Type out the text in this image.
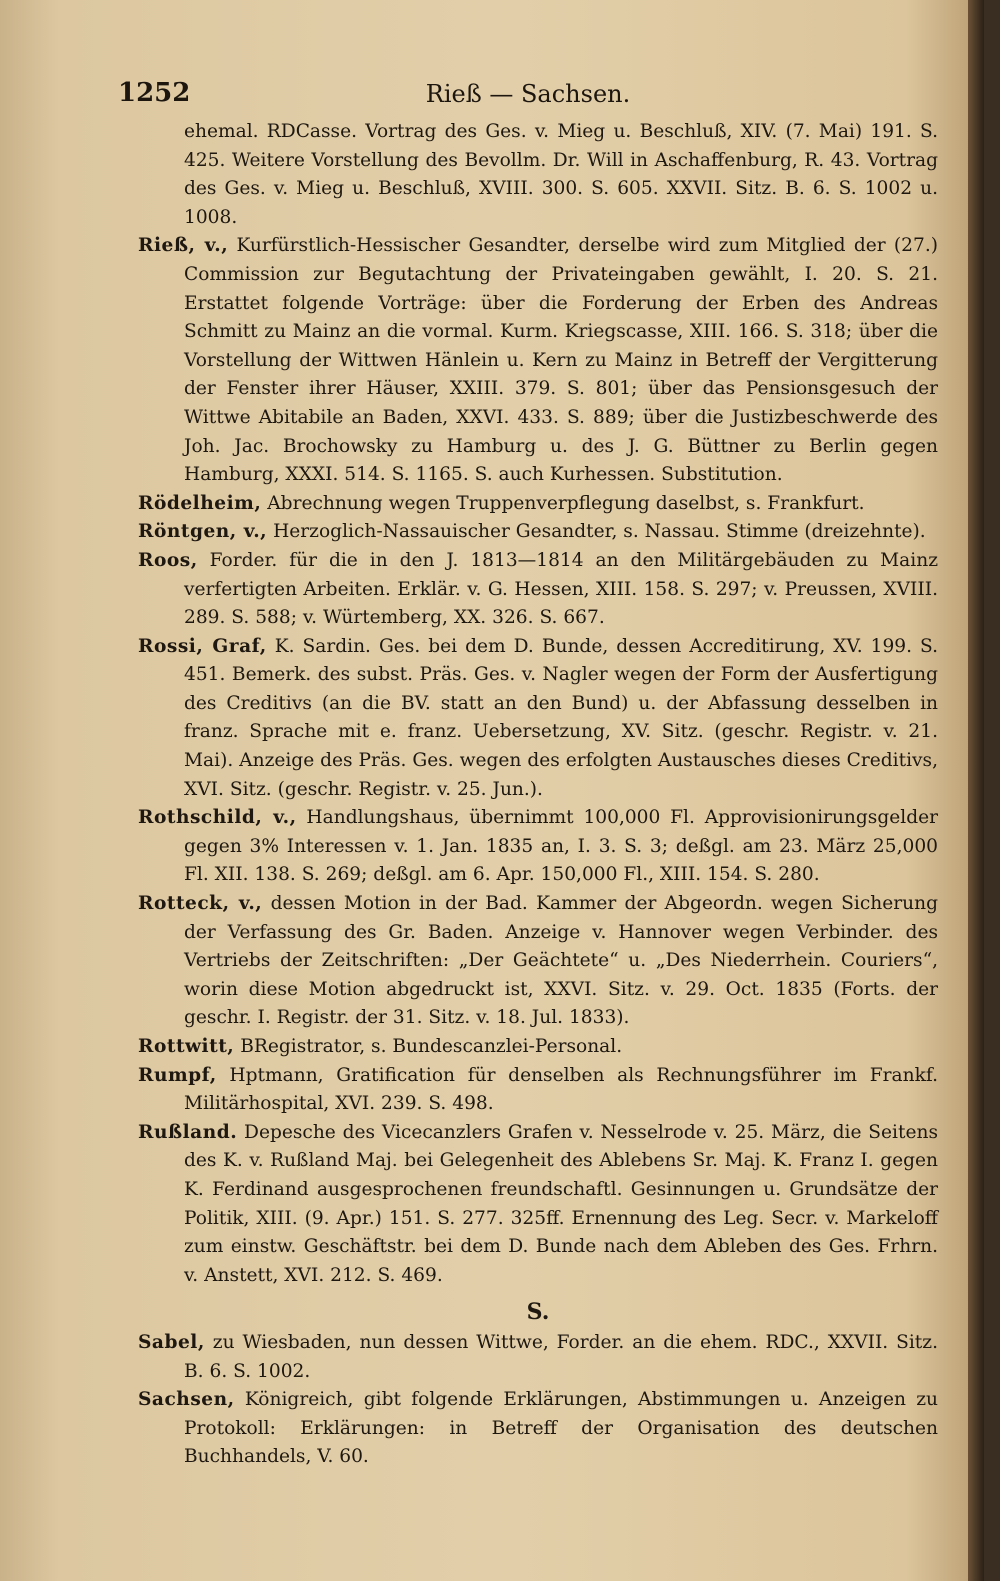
1252	Rieß — Sachsen.

ehemal. RDCasse. Vortrag des Ges. v. Mieg u. Beschluß, XIV. (7. Mai) 191. S. 425. Weitere Vorstellung des Bevollm. Dr. Will in Aschaffenburg, R. 43. Vortrag des Ges. v. Mieg u. Beschluß, XVIII. 300. S. 605. XXVII. Sitz. B. 6. S. 1002 u. 1008.

Rieß, v., Kurfürstlich-Hessischer Gesandter, derselbe wird zum Mitglied der (27.) Commission zur Begutachtung der Privateingaben gewählt, I. 20. S. 21. Erstattet folgende Vorträge: über die Forderung der Erben des Andreas Schmitt zu Mainz an die vormal. Kurm. Kriegscasse, XIII. 166. S. 318; über die Vorstellung der Wittwen Hänlein u. Kern zu Mainz in Betreff der Vergitterung der Fenster ihrer Häuser, XXIII. 379. S. 801; über das Pensionsgesuch der Wittwe Abitabile an Baden, XXVI. 433. S. 889; über die Justizbeschwerde des Joh. Jac. Brochowsky zu Hamburg u. des J. G. Büttner zu Berlin gegen Hamburg, XXXI. 514. S. 1165. S. auch Kurhessen. Substitution.

Rödelheim, Abrechnung wegen Truppenverpflegung daselbst, s. Frankfurt.

Röntgen, v., Herzoglich-Nassauischer Gesandter, s. Nassau. Stimme (dreizehnte).

Roos, Forder. für die in den J. 1813—1814 an den Militärgebäuden zu Mainz verfertigten Arbeiten. Erklär. v. G. Hessen, XIII. 158. S. 297; v. Preussen, XVIII. 289. S. 588; v. Würtemberg, XX. 326. S. 667.

Rossi, Graf, K. Sardin. Ges. bei dem D. Bunde, dessen Accreditirung, XV. 199. S. 451. Bemerk. des subst. Präs. Ges. v. Nagler wegen der Form der Ausfertigung des Creditivs (an die BV. statt an den Bund) u. der Abfassung desselben in franz. Sprache mit e. franz. Uebersetzung, XV. Sitz. (geschr. Registr. v. 21. Mai). Anzeige des Präs. Ges. wegen des erfolgten Austausches dieses Creditivs, XVI. Sitz. (geschr. Registr. v. 25. Jun.).

Rothschild, v., Handlungshaus, übernimmt 100,000 Fl. Approvisionirungsgelder gegen 3% Interessen v. 1. Jan. 1835 an, I. 3. S. 3; deßgl. am 23. März 25,000 Fl. XII. 138. S. 269; deßgl. am 6. Apr. 150,000 Fl., XIII. 154. S. 280.

Rotteck, v., dessen Motion in der Bad. Kammer der Abgeordn. wegen Sicherung der Verfassung des Gr. Baden. Anzeige v. Hannover wegen Verbinder. des Vertriebs der Zeitschriften: „Der Geächtete“ u. „Des Niederrhein. Couriers“, worin diese Motion abgedruckt ist, XXVI. Sitz. v. 29. Oct. 1835 (Forts. der geschr. I. Registr. der 31. Sitz. v. 18. Jul. 1833).

Rottwitt, BRegistrator, s. Bundescanzlei-Personal.

Rumpf, Hptmann, Gratification für denselben als Rechnungsführer im Frankf. Militärhospital, XVI. 239. S. 498.

Rußland. Depesche des Vicecanzlers Grafen v. Nesselrode v. 25. März, die Seitens des K. v. Rußland Maj. bei Gelegenheit des Ablebens Sr. Maj. K. Franz I. gegen K. Ferdinand ausgesprochenen freundschaftl. Gesinnungen u. Grundsätze der Politik, XIII. (9. Apr.) 151. S. 277. 325ff. Ernennung des Leg. Secr. v. Markeloff zum einstw. Geschäftstr. bei dem D. Bunde nach dem Ableben des Ges. Frhrn. v. Anstett, XVI. 212. S. 469.

S.

Sabel, zu Wiesbaden, nun dessen Wittwe, Forder. an die ehem. RDC., XXVII. Sitz. B. 6. S. 1002.

Sachsen, Königreich, gibt folgende Erklärungen, Abstimmungen u. Anzeigen zu Protokoll: Erklärungen: in Betreff der Organisation des deutschen Buchhandels, V. 60.
